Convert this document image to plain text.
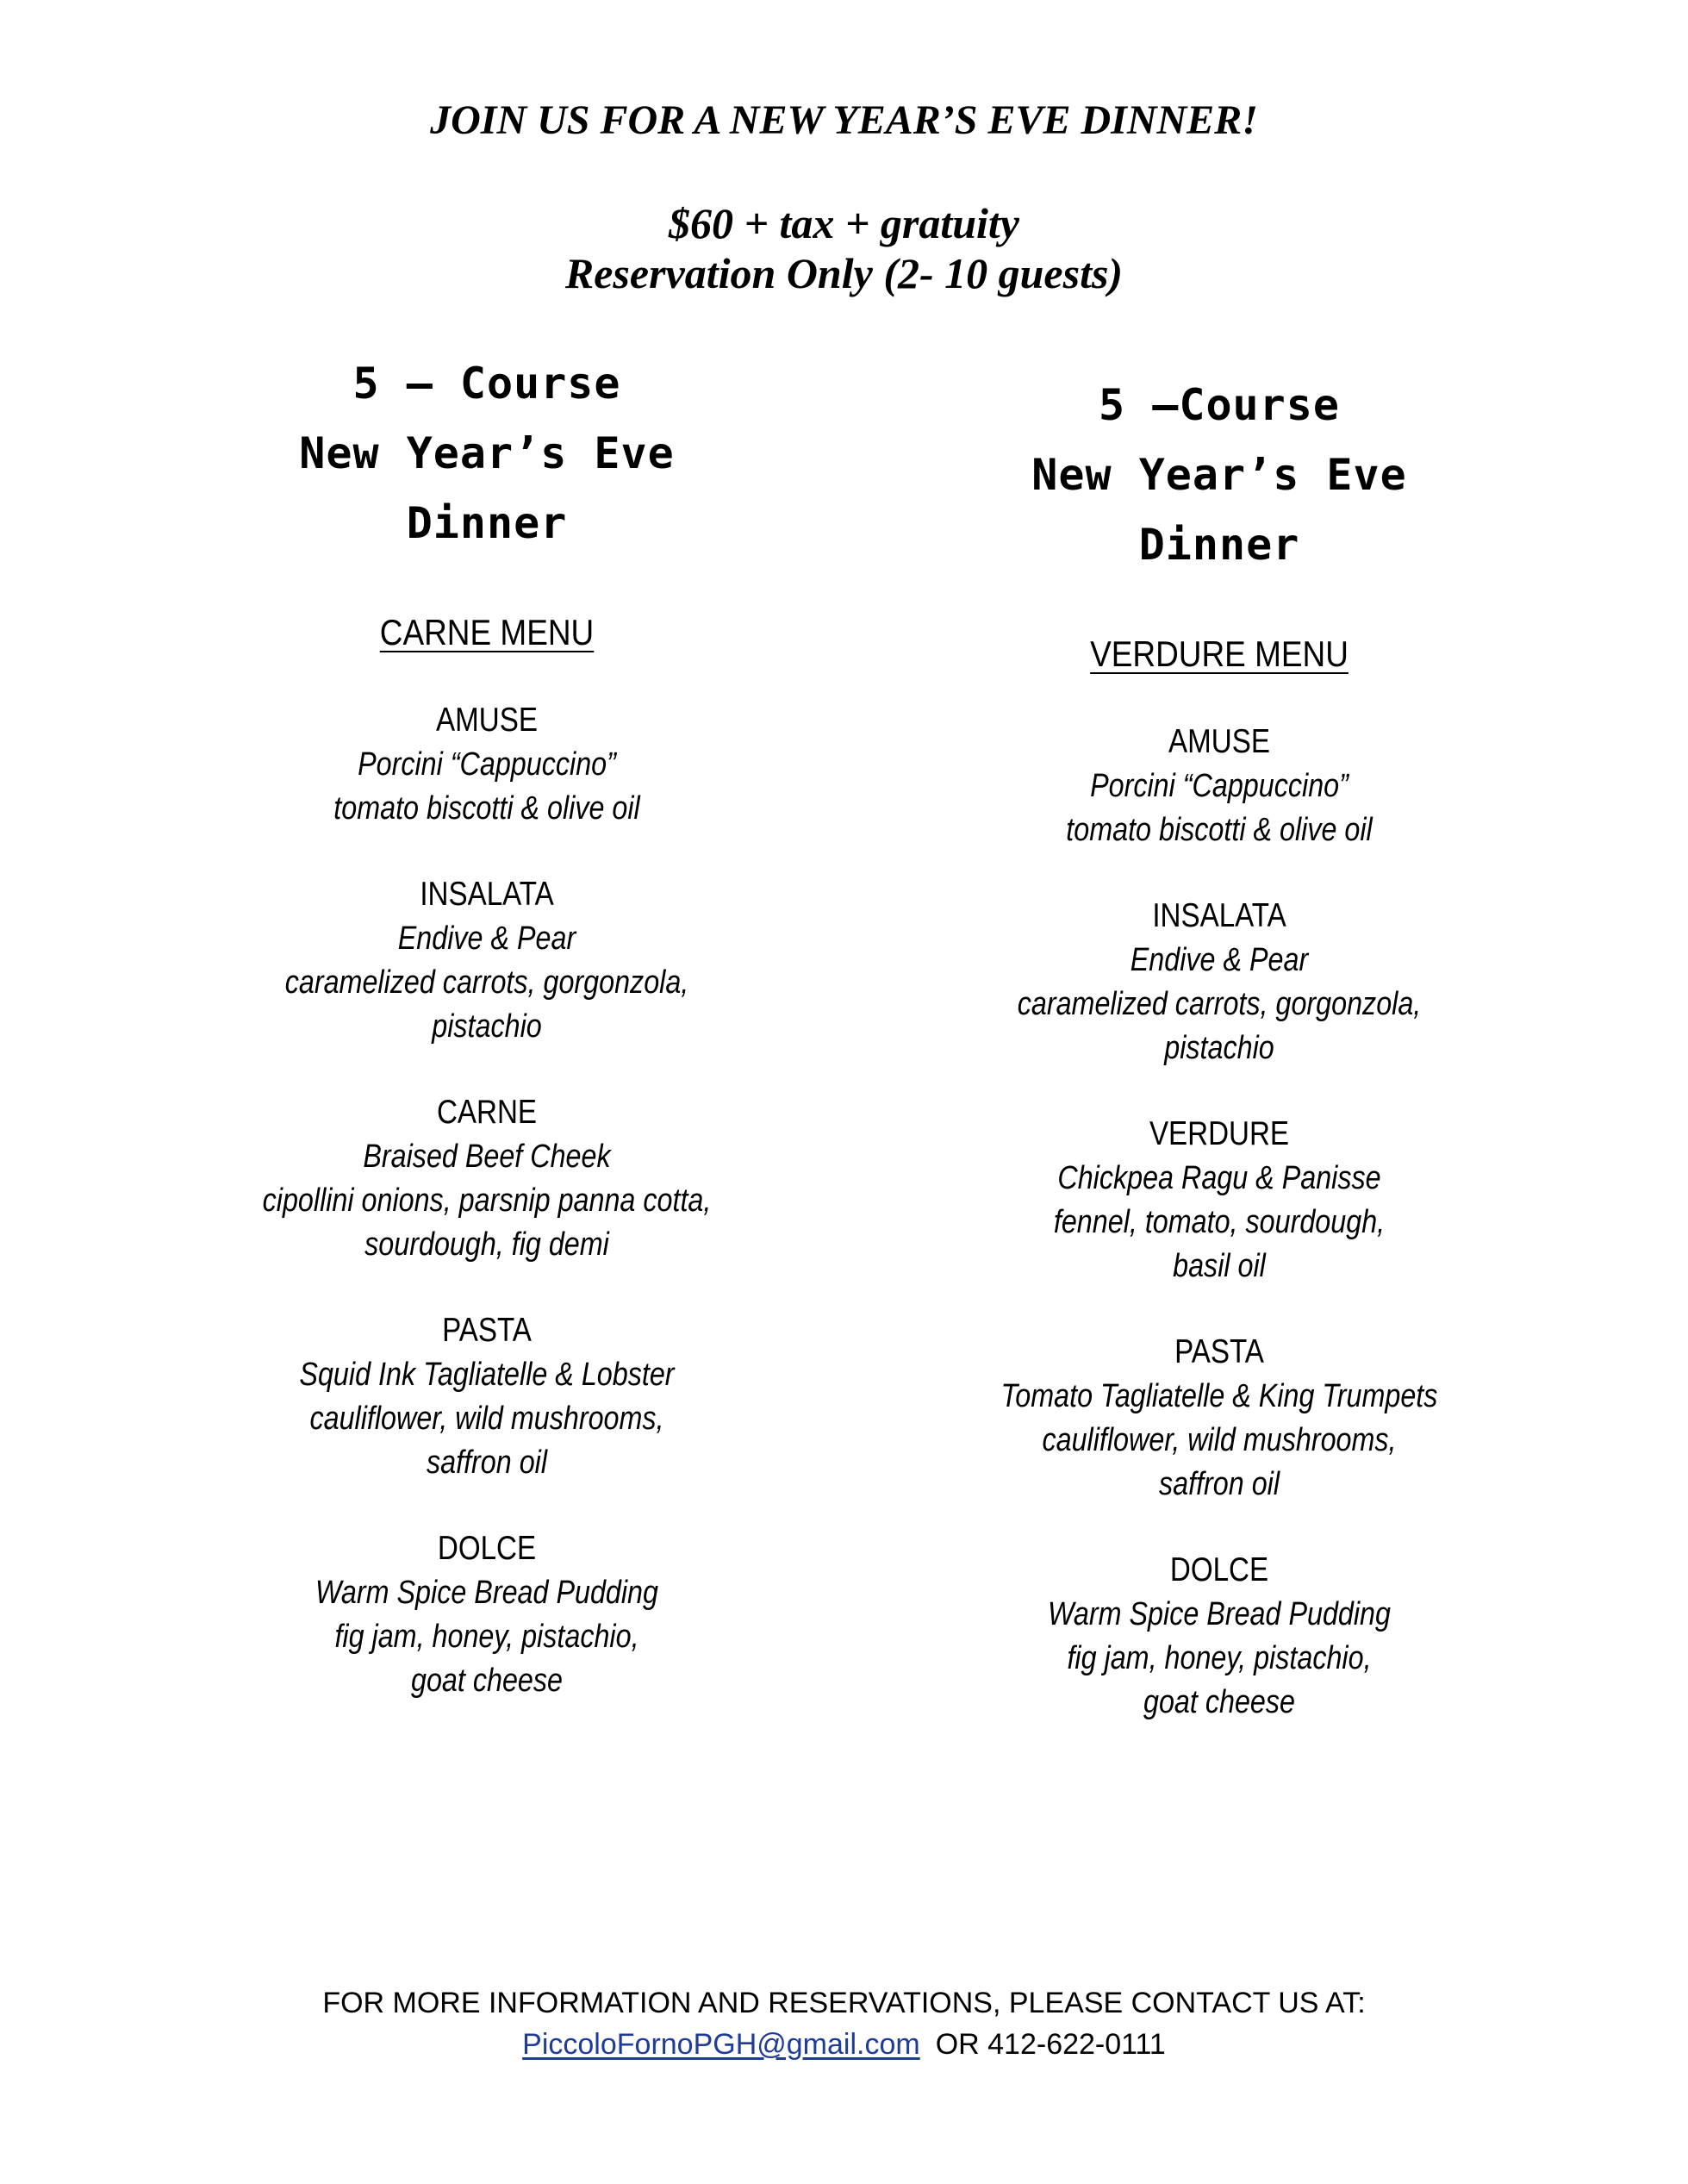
JOIN US FOR A NEW YEAR’S EVE DINNER!
$60 + tax + gratuity
Reservation Only (2- 10 guests)
5 – Course
New Year’s Eve
Dinner
CARNE MENU
AMUSE
Porcini “Cappuccino”
tomato biscotti & olive oil
INSALATA
Endive & Pear
caramelized carrots, gorgonzola,
pistachio
CARNE
Braised Beef Cheek
cipollini onions, parsnip panna cotta,
sourdough, fig demi
PASTA
Squid Ink Tagliatelle & Lobster
cauliflower, wild mushrooms,
saffron oil
DOLCE
Warm Spice Bread Pudding
fig jam, honey, pistachio,
goat cheese
5 –Course
New Year’s Eve
Dinner
VERDURE MENU
AMUSE
Porcini “Cappuccino”
tomato biscotti & olive oil
INSALATA
Endive & Pear
caramelized carrots, gorgonzola,
pistachio
VERDURE
Chickpea Ragu & Panisse
fennel, tomato, sourdough,
basil oil
PASTA
Tomato Tagliatelle & King Trumpets
cauliflower, wild mushrooms,
saffron oil
DOLCE
Warm Spice Bread Pudding
fig jam, honey, pistachio,
goat cheese
FOR MORE INFORMATION AND RESERVATIONS, PLEASE CONTACT US AT:
PiccoloFornoPGH@gmail.com OR 412-622-0111
